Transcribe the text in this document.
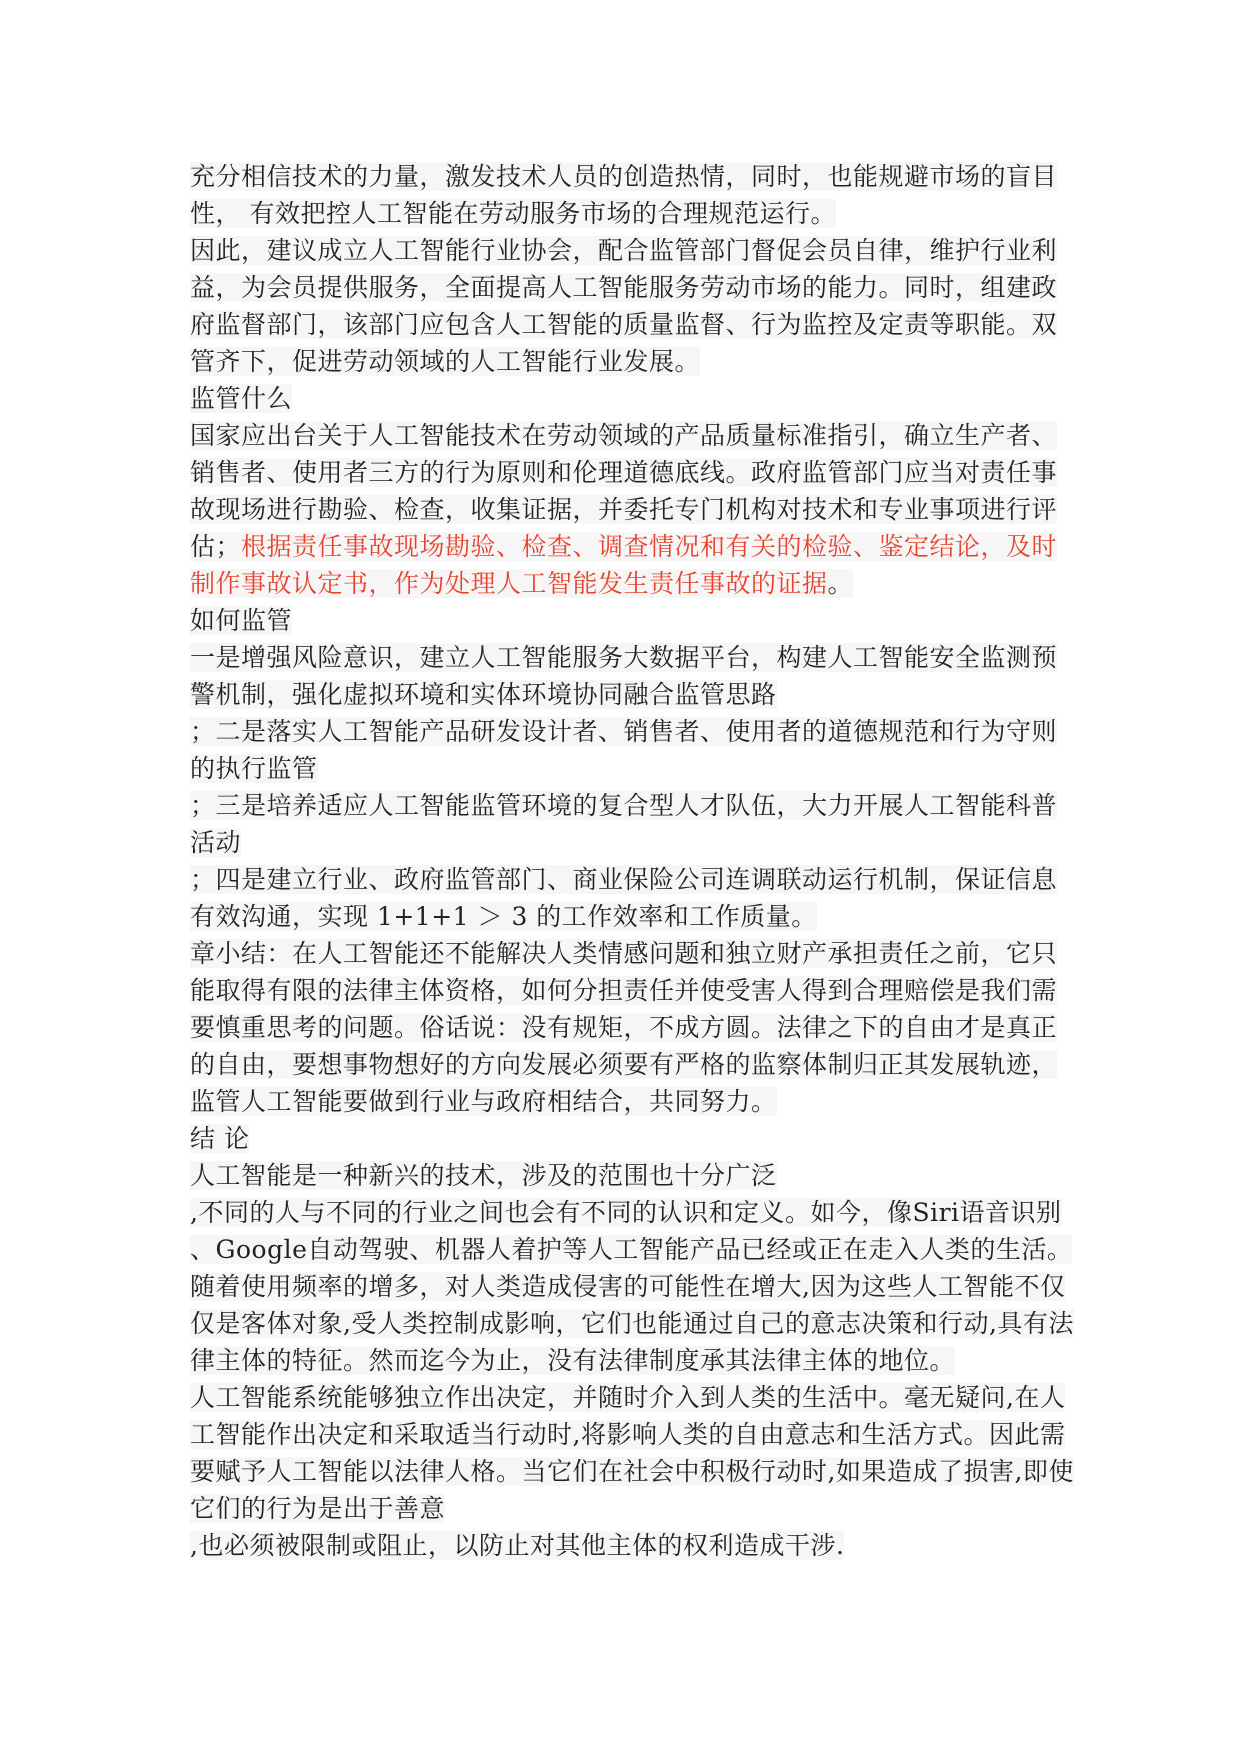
充分相信技术的力量，激发技术人员的创造热情，同时，也能规避市场的盲目
性， 有效把控人工智能在劳动服务市场的合理规范运行。
因此，建议成立人工智能行业协会，配合监管部门督促会员自律，维护行业利
益，为会员提供服务，全面提高人工智能服务劳动市场的能力。同时，组建政
府监督部门，该部门应包含人工智能的质量监督、行为监控及定责等职能。双
管齐下，促进劳动领域的人工智能行业发展。
监管什么
国家应出台关于人工智能技术在劳动领域的产品质量标准指引，确立生产者、
销售者、使用者三方的行为原则和伦理道德底线。政府监管部门应当对责任事
故现场进行勘验、检查，收集证据，并委托专门机构对技术和专业事项进行评
估；根据责任事故现场勘验、检查、调查情况和有关的检验、鉴定结论，及时
制作事故认定书，作为处理人工智能发生责任事故的证据。
如何监管
一是增强风险意识，建立人工智能服务大数据平台，构建人工智能安全监测预
警机制，强化虚拟环境和实体环境协同融合监管思路
；二是落实人工智能产品研发设计者、销售者、使用者的道德规范和行为守则
的执行监管
；三是培养适应人工智能监管环境的复合型人才队伍，大力开展人工智能科普
活动
；四是建立行业、政府监管部门、商业保险公司连调联动运行机制，保证信息
有效沟通，实现 1+1+1 ＞ 3 的工作效率和工作质量。
章小结：在人工智能还不能解决人类情感问题和独立财产承担责任之前，它只
能取得有限的法律主体资格，如何分担责任并使受害人得到合理赔偿是我们需
要慎重思考的问题。俗话说：没有规矩，不成方圆。法律之下的自由才是真正
的自由，要想事物想好的方向发展必须要有严格的监察体制归正其发展轨迹，
监管人工智能要做到行业与政府相结合，共同努力。
结 论
人工智能是一种新兴的技术，涉及的范围也十分广泛
,不同的人与不同的行业之间也会有不同的认识和定义。如今，像Siri语音识别
、Google自动驾驶、机器人着护等人工智能产品已经或正在走入人类的生活。
随着使用频率的增多，对人类造成侵害的可能性在增大,因为这些人工智能不仅
仅是客体对象,受人类控制成影响，它们也能通过自己的意志决策和行动,具有法
律主体的特征。然而迄今为止，没有法律制度承其法律主体的地位。
人工智能系统能够独立作出决定，并随时介入到人类的生活中。毫无疑问,在人
工智能作出决定和采取适当行动时,将影响人类的自由意志和生活方式。因此需
要赋予人工智能以法律人格。当它们在社会中积极行动时,如果造成了损害,即使
它们的行为是出于善意
,也必须被限制或阻止，以防止对其他主体的权利造成干涉.
